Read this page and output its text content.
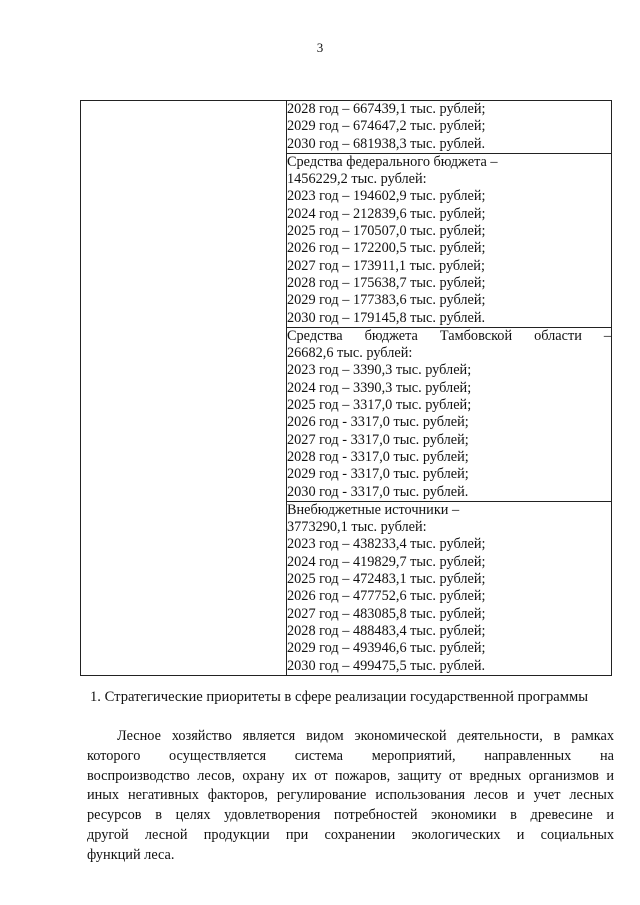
3

2028 год – 667439,1 тыс. рублей;
2029 год – 674647,2 тыс. рублей;
2030 год – 681938,3 тыс. рублей.

Средства федерального бюджета –
1456229,2 тыс. рублей:
2023 год – 194602,9 тыс. рублей;
2024 год – 212839,6 тыс. рублей;
2025 год – 170507,0 тыс. рублей;
2026 год – 172200,5 тыс. рублей;
2027 год – 173911,1 тыс. рублей;
2028 год – 175638,7 тыс. рублей;
2029 год – 177383,6 тыс. рублей;
2030 год – 179145,8 тыс. рублей.

Средства бюджета Тамбовской области –
26682,6 тыс. рублей:
2023 год – 3390,3 тыс. рублей;
2024 год – 3390,3 тыс. рублей;
2025 год – 3317,0 тыс. рублей;
2026 год - 3317,0 тыс. рублей;
2027 год - 3317,0 тыс. рублей;
2028 год - 3317,0 тыс. рублей;
2029 год - 3317,0 тыс. рублей;
2030 год - 3317,0 тыс. рублей.

Внебюджетные источники –
3773290,1 тыс. рублей:
2023 год – 438233,4 тыс. рублей;
2024 год – 419829,7 тыс. рублей;
2025 год – 472483,1 тыс. рублей;
2026 год – 477752,6 тыс. рублей;
2027 год – 483085,8 тыс. рублей;
2028 год – 488483,4 тыс. рублей;
2029 год – 493946,6 тыс. рублей;
2030 год – 499475,5 тыс. рублей.
1. Стратегические приоритеты в сфере реализации государственной программы
Лесное хозяйство является видом экономической деятельности, в рамках
которого осуществляется система мероприятий, направленных на
воспроизводство лесов, охрану их от пожаров, защиту от вредных организмов и
иных негативных факторов, регулирование использования лесов и учет лесных
ресурсов в целях удовлетворения потребностей экономики в древесине и
другой лесной продукции при сохранении экологических и социальных
функций леса.
